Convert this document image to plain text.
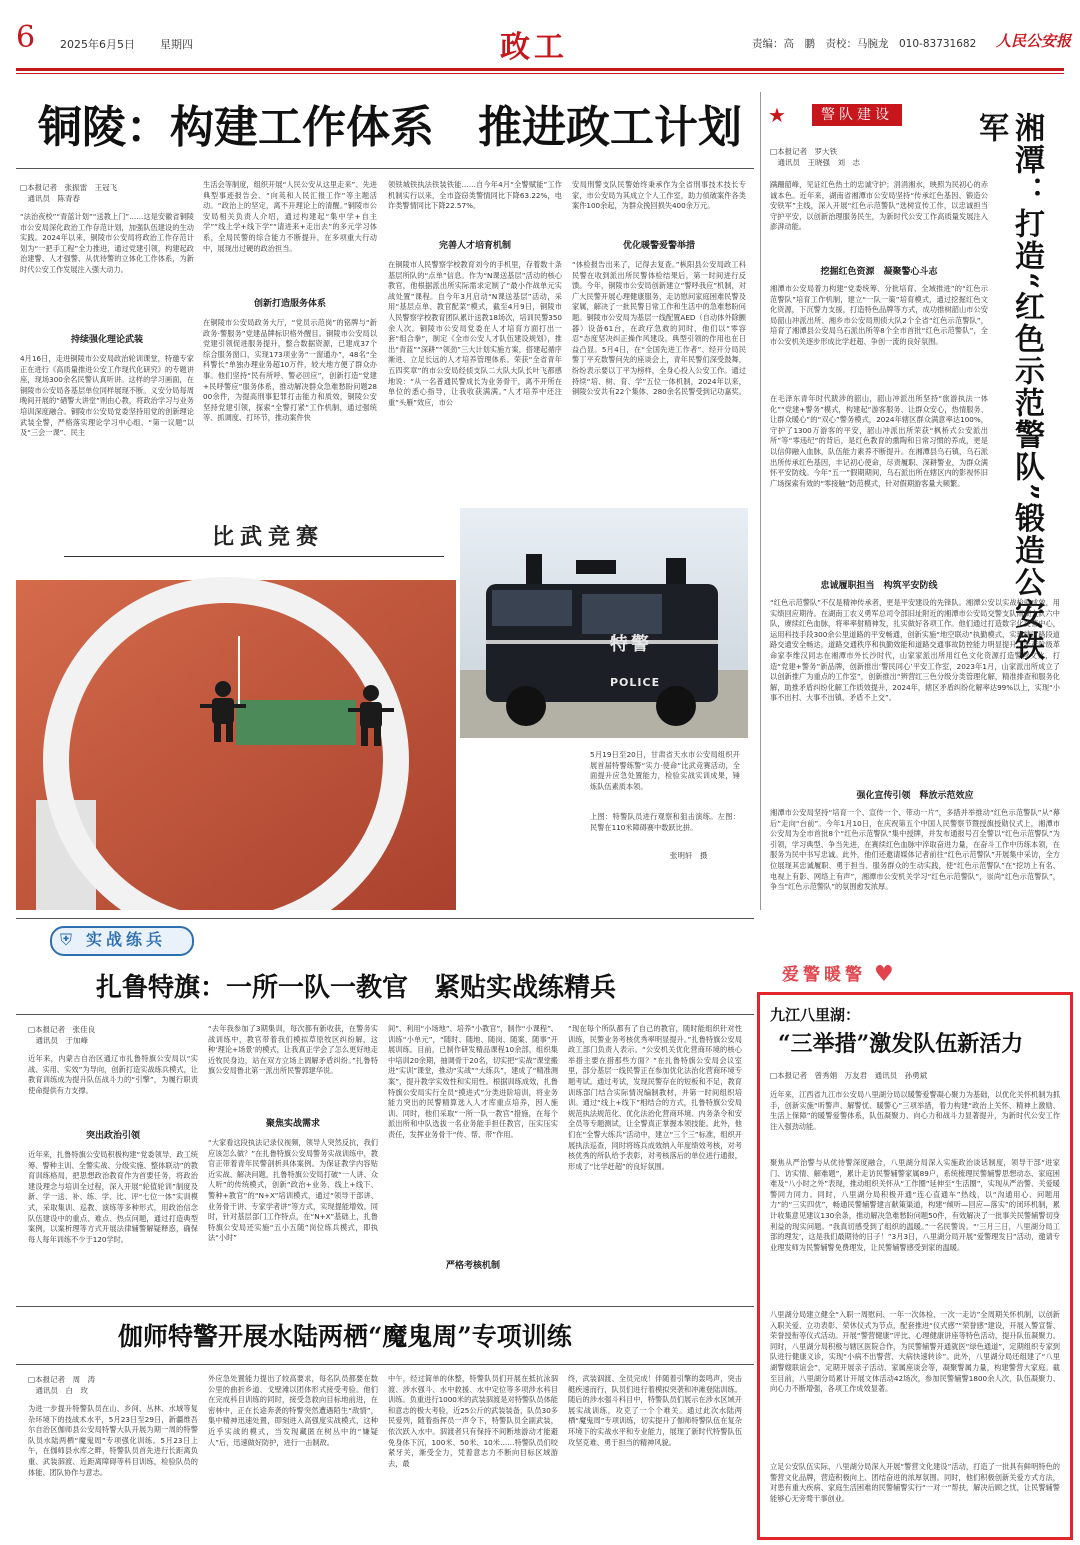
6 2025年6月5日 星期四	政工	责编：高　鹏　责校：马腕龙　010-83731682 人民公安报
铜陵：构建工作体系　推进政工计划
□本报记者　张振雷　王冠飞
　通讯员　陈青春
“法治夜校”“青蓝计划”“送教上门”……这是安徽省铜陵市公安局深化政治工作存范计划，加强队伍建设的生动实践。2024年以来，铜陵市公安局将政治工作存范计划为“一把手工程”全力推进，通过党建引领，构建起政治建警、人才强警、从优待警的立体化工作体系，为新时代公安工作发展注入强大动力。
持续强化理论武装
4月16日，走进铜陵市公安局政治轮训课堂，特邀专家正在进行《高质量推进公安工作现代化研究》的专题讲座，现场300余名民警认真听讲。这样的学习画面，在铜陵市公安局各基层单位同样展现不断。义安分局每周晚间开展的“硒警大讲堂”则由心教，将政治学习与业务培训深度融合。铜陵市公安局党委坚持用党的创新理论武装全警，严格落实理论学习中心组、“第一议题”以及“三会一课”、民主
生活会等制度，组织开展“人民公安从这里走来”、先进典型事迹报告会、“向英和人民汇报工作”等主题活动。“政治上的坚定，离不开理论上的清醒。”铜陵市公安局相关负责人介绍，通过构建起“集中学+自主学”“线上学+线下学”“请进来+走出去”的多元学习体系，全局民警的综合能力不断提升，在多项重大行动中，展现出过硬的政治担当。
创新打造服务体系
在铜陵市公安局政务大厅，“党员示范岗”的铭牌与“新政务·警服务”党建品牌标识格外醒目。铜陵市公安局以党建引领促进服务提升，整合数据资源，已建成37个综合服务窗口，实现173项业务“一窗通办”，48名“全科警长”单独办理业务超10万件，较大地方便了群众办事。他们坚持“民有所呼、警必回应”，创新打造“党建+民呼警应”服务体系，推动解决群众急难愁盼问题2800余件，为提高刑事犯罪打击能力和质效，铜陵公安坚持党建引领，探索“全警打紧”工作机制，通过强统等、抓调度、打环节，推动案件快
领铁城铁执法铁装铁能……自今年4月“全警赋能”工作机制实行以来，全市盗窃类警情同比下降63.22%，电诈类警情同比下降22.57%。
完善人才培育机制
在铜陵市人民警察学校教育刘今的手机里，存着数十条基层所队的“点单”信息。作为“N课送基层”活动的核心教官，他根据派出所实际需求定制了“最小作战单元实战处置”课程。自今年3月启动“N课送基层”活动，采用“基层点单、教官配菜”模式，截至4月9日，铜陵市人民警察学校教育团队累计送教18场次，培训民警350余人次。铜陵市公安局党委在人才培育方面打出一套“组合拳”，制定《全市公安人才队伍建设规划》，推出“青蓝”“深耕”“领劲”三大计划实施方案，搭建起循序渐进、立足长远的人才培养管理体系。荣获“全省青年五四奖章”的市公安局经侦支队二大队大队长叶飞都感地说：“从一名普通民警成长为业务骨干，离不开所在单位的悉心指导，让我收获满满。”人才培养中还注重“头雁”效应，市公
安局刑警支队民警始终秉承作为全省刑事技术技长专家，市公安局为其成立个人工作室，助力侦破案件各类案件100余起，为群众挽回损失400余万元。
优化暖警爱警举措
“体检报告出来了，记得去复查。”枞阳县公安局政工科民警在收到派出所民警体检结果后，第一时间进行反馈。今年，铜陵市公安局创新建立“警呼我应”机制，对广大民警开展心理健康服务，走访慰问家庭困难民警及家属，解决了一批民警日常工作和生活中的急难愁盼问题。铜陵市公安局为基层一线配置AED（自动体外除颤器）设备61台，在政疗急救的同时，他们以“零容忍”态度坚决纠正操作风建设。典型引领的作用也在日益凸显。5月4日，在“全国先进工作者”、经开分局民警丁平充数警问先的座谈会上，青年民警们深受鼓舞，纷纷表示要以丁平为榜样，全身心投入公安工作。通过持续“培、树、育、学”五位一体机制，2024年以来，铜陵公安共有22个集体、280余名民警受到记功嘉奖。
特警
POLICE
比武竞赛
5月19日至20日，甘肃省天水市公安局组织开展首届特警练警“实力·使命”比武竞赛活动，全面提升应急处置能力，检验实战实训成果，锤炼队伍素质本领。
上图：特警队员进行观察和狙击演练。左图：民警在110米障碍赛中数跃比拼。
张明轩　摄
★	警队建设	湘潭：打造“红色示范警队”锻造公安铁军
□本报记者　罗大铁
　通讯员　王晓强　刘　志
蹒跚韶峰，见证红色热土的忠诚守护；涓涓湘水，映照为民初心的赤诚本色。近年来，湖南省湘潭市公安局坚持“传承红色基因、锻造公安铁军”主线，深入开展“红色示范警队”选树宣传工作，以忠诚担当守护平安，以创新治理服务民生，为新时代公安工作高质量发展注入澎湃动能。
挖掘红色资源　凝聚警心斗志
湘潭市公安局着力构建“党委统筹、分批培育、全域推进”的“红色示范警队”培育工作机制，建立“一队一策”培育模式，通过挖掘红色文化资源，下沉警力支援，打造特色品牌等方式，成功推树韶山市公安局韶山冲派出所、湘乡市公安局刑侦大队2个全省“红色示范警队”，培育了湘潭县公安局乌石派出所等8个全市首批“红色示范警队”，全市公安机关逐步形成比学赶超、争创一流的良好氛围。
在毛泽东青年时代跋涉的韶山，韶山冲派出所坚持“旅游执法一体化”“党建+警务”模式，构建起“游客服务、让群众安心，热情服务、让群众暖心”的“双心”警务模式，2024年辖区群众满意率达100%，守护了1300万游客的平安，韶山冲派出所荣获“枫桥式公安派出所”等“零违纪”的背后，是红色教育的熏陶和日常习惯的养成，更是以信仰融入血脉，队伍能力素养不断提升。在湘潭县乌石镇，乌石派出所传承红色基因，丰记初心使命，尽责履职、深耕警业，为群众满怀平安防线。今年“五一”假期期间，乌石派出所在辖区内的影视怀旧广场探索有效的“零接触”防范模式，针对假期游客量大频繁。
忠诚履职担当　构筑平安防线
“红色示范警队”不仅是精神传承者，更是平安建设的先锋队。湘潭公安以实战检验成效，用实绩回应期待。在湖南工农义勇军总司令部旧址附近的湘潭市公安局交警支队雨湖大队六中队，赓续红色血脉，将率率射精神发，扎实做好各项工作。他们通过打造数字化交警中心，运用科技手段300余公里道路的平安畅通，创新实施“地空联动”执勤模式，实现辖区路段道路交通安全畅达，道路交通秩序和执勤效能和道路交通事故防控能力明显提升。无产阶级革命家李维汉同志在湘潭市外长沙时代，山家家派出所用红色文化资源打造警营文化，打造“党建+警务”新品牌，创新推出‘警民同心’平安工作室，2023年1月，山家派出所成立了以创新推广为重点的工作室”，创新推出“辨营红三色分级分类管理化解，精准排查和服务化解，助推矛盾纠纷化解工作质效提升，2024年，辖区矛盾纠纷化解率达99%以上，实现“小事不出村、大事不出镇、矛盾不上交”。
强化宣传引领　释放示范效应
湘潭市公安局坚持“培育一个、宣传一个、带动一片”，多措并举推动“红色示范警队”从“幕后”走向“台前”。今年1月10日，在庆祝第五个中国人民警察节暨授旗授勋仪式上，湘潭市公安局为全市首批8个“红色示范警队”集中授牌，并发布通报号召全警以“红色示范警队”为引领，学习典型、争当先进，在赛续红色血脉中淬取奋进力量，在奋斗工作中历练本领，在服务为民中书写忠诚。此外，他们还邀请媒体记者前往“红色示范警队”开展集中采访，全方位展现其忠诚履职、勇于担当、服务群众的生动实践，使“红色示范警队”在“挖坊上有名、电视上有影、网络上有声”，湘潭市公安机关学习“红色示范警队”，崇尚“红色示范警队”，争当“红色示范警队”的氛围愈发浓厚。
⛨ 实战练兵
扎鲁特旗：一所一队一教官　紧贴实战练精兵
□本报记者　张佳良
　通讯员　于加峰
近年来，内蒙古自治区通辽市扎鲁特旗公安局以“实战、实用、实效”为导向，创新打造实战练兵模式，让教育训练成为提升队伍战斗力的“引擎”，为履行职责使命提供有力支撑。
突出政治引领
近年来，扎鲁特旗公安局积极构建“党委领导、政工统筹、警种主训、全警实战、分级实施、整体联动”的教育训练格局，把思想政治教育作为首要任务，将政治建设理念与培训全过程，深入开展“轮值轮训”制度及新、学一送、补、练、学、比、评“七位一体”实训模式，采取集训、巡教、演练等多种形式，用政治信念队伍建设中的重点、难点、热点问题，通过打造典型案例，以案析理等方式开展法律辅警解疑释惑，确保每人每年训练不少于120学时。
“去年我参加了3期集训，每次都有新收获，在警务实战训练中，教官带着我们模拟草原牧区纠纷解，这种‘理论+场景’的模式，让我真正学会了怎么更好地走近牧民身边，站在双方立场上调解矛盾纠纷。”扎鲁特旗公安局鲁北第一派出所民警郭建华说。
聚焦实战需求
“大家看这段执法记录仪视频，领导人突然反抗，我们应该怎么做？”在扎鲁特旗公安局警务实战训练中，教官正带着青年民警剖析具体案例。为保证教学内容贴近实战、解决问题，扎鲁特旗公安局打破“一人讲、众人听”的传统模式，创新“政治+业务、线上+线下、警种+教官”的“N+X”培训模式，通过“领导干部讲、业务骨干讲、专家学者讲”等方式，实现提能增效。同时，针对基层部门工作特点，在“N+X”基础上，扎鲁特旗公安局还实施“五小五随”岗位练兵模式，即执法“小时”
间”、利用“小场地”、培养“小教官”，制作“小课程”、训练“小单元”，“随时、随地、随岗、随案、随事”开展训练。目前，已制作研发精品课程10余部，组织集中培训20余期，抽调骨干20名，切实把“实战”课堂搬进“实训”课堂，推动“实战”“大练兵”，建成了“精准测案”，提升教学实效性和实用性。根据训练成效，扎鲁特旗公安局实行全员“摸进式”分类进阶培训，将业务能力突出的民警精算选入人才库重点培养，因人施训、同时，他们采取“一所一队一教官”措施，在每个派出所和中队选拔一名业务能手担任教官，压实压实责任，发挥业务骨干“传、帮、带”作用。
严格考核机制
“现在每个所队都有了自己的教官，随时能组织针对性训练，民警业务考核优秀率明显提升。”扎鲁特旗公安局政工部门负责人表示。“公安机关优化营商环境的核心举措主要在措那些方面？”在扎鲁特旗公安局会议室里，部分基层一线民警正在参加优化法治化营商环境专题考试。通过考试，发现民警存在的短板和不足，教育训练部门结合实际情况编制教材，并第一时间组织培训。通过“线上+线下”相结合的方式，扎鲁特旗公安局规范执法规范化、优化法治化营商环境、内务条令和安全员等专题测试，让全警真正掌握本领技能。此外，他们在“全警大练兵”活动中，建立“三个三”标准，组织开展执法巡查，同时将练兵成效纳入年度绩效考核，对考核优秀的所队给予表彰，对考核落后的单位进行通报，形成了“比学赶超”的良好氛围。
伽师特警开展水陆两栖“魔鬼周”专项训练
□本报记者　周　涛
　通讯员　白　玫
为进一步提升特警队员在山、乡间、丛林、水域等复杂环境下的技战术水平，5月23日至29日，新疆维吾尔自治区伽师县公安局特警大队开展为期一周的特警队员水陆两栖“魔鬼周”专项强化训练。5月23日上午，在伽师县水库之畔，特警队员首先进行长距离负重、武装泅渡、近距离障碍等科目训练，检验队员的体能、团队协作与意志。
外应急处置能力提出了较高要求，每名队员都要在数公里的曲折乡道、戈壁滩以团体形式接受考验。他们在完成科目训练的同时，接受急救向目标地前进，在密林中，正在长途奔袭的特警突然遭遇陌生“敌情”，集中精神迅速处置，即刻进入高强度实战模式，这种近乎实战的模式，当发现藏匿在树丛中的“嫌疑人”后，迅速做好防护，进行一击制敌。
中午，经过简单的休整，特警队员们开展在抵抗泳泅渡、涉水强斗、水中救援、水中定位等多项涉水科目训练。负重进行1000米的武装泅渡是对特警队员体能和意志的极大考验，近25公斤的武装装备，队员30多民爱列，随着指挥员一声令下，特警队员全副武装，依次跃入水中。泅渡者只有保持不间断地游动才能避免身体下沉，100米、50米、10米……特警队员们咬紧牙关，渐受全力，凭着意志力不断向目标区域游去，最
终，武装泅渡、全员完成！伴随着引擎的轰鸣声，突击艇疾速而行，队员们进行着模拟突袭和冲滩登陆训练。随后的涉水强斗科目中，特警队员们展示在涉水区域开展实战训练，攻克了一个个难关。通过此次水陆两栖“魔鬼周”专项训练，切实提升了伽师特警队伍在复杂环境下的实战水平和专业能力，展现了新时代特警队伍攻坚克难、勇于担当的精神风貌。
爱警暖警 ♥
九江八里湖：
“三举措”激发队伍新活力
□本报记者　曾秀娟　万友君　通讯员　孙勇斌
近年来，江西省九江市公安局八里湖分局以暖警爱警凝心聚力为基础，以优化关怀机制为抓手，创新实施“听警声、解警忧、暖警心”三项举措，着力构建“政治上关怀、精神上激励、生活上保障”的暖警爱警体系，队伍凝聚力、向心力和战斗力显著提升，为新时代公安工作注入强劲动能。
聚焦从严治警与从优待警深度融合，八里湖分局深入实施政治谈话制度，领导干部“进家门、访实情、解难题”，累计走访民警辅警家属89户，系统梳理民警辅警思想动态、家庭困难及“八小时之外”表现，推动组织关怀从“工作圈”延伸至“生活圈”，实现从严治警、关爱暖警同力同力。同时，八里湖分局积极开通“连心直通车”热线，以“沟通用心、问题用力”的“三实四优”，畅通民警辅警建言献策渠道，构建“倾听—回应—落实”的闭环机制，累计收集意见建议130余条，推动解决急难愁盼问题50件，有效解决了一批事关民警辅警切身利益的现实问题。“我真切感受到了组织的温暖。”一名民警说。“‘三月三日，八里湖分局工部的理发’，这是我们最期待的日子！”3月3日，八里湖分局开展“爱警理发日”活动，邀请专业理发师为民警辅警免费理发，让民警辅警感受到家的温暖。
八里湖分局建立健全“入职一周慰问、一年一次体检、一次一走访”全周期关怀机制，以创新入职关爱、立功表彰、荣休仪式为节点，配套推进“仪式感”“荣誉感”建设，开展入警宣誓、荣誉授衔等仪式活动。开展“警营健康”评比、心理健康讲座等特色活动，提升队伍凝聚力。同时，八里湖分局积极与辖区医院合作，为民警辅警开通就医“绿色通道”，定期组织专家到队进行健康义诊，实现“小病不出警营、大病快速转诊”。此外，八里湖分局还组建了“八里湖警嫂联谊会”，定期开展亲子活动、家属座谈会等，凝聚警属力量，构建警营大家庭。截至目前，八里湖分局累计开展文体活动42场次，参加民警辅警1800余人次，队伍凝聚力、向心力不断增强，各项工作成效显著。
立足公安队伍实际，八里湖分局深入开展“警营文化建设”活动，打造了一批具有鲜明特色的警营文化品牌，营造积极向上、团结奋进的浓厚氛围。同时，他们积极创新关爱方式方法，对患有重大疾病、家庭生活困难的民警辅警实行“一对一”帮扶，解决后顾之忧，让民警辅警能够心无旁骛干事创业。
